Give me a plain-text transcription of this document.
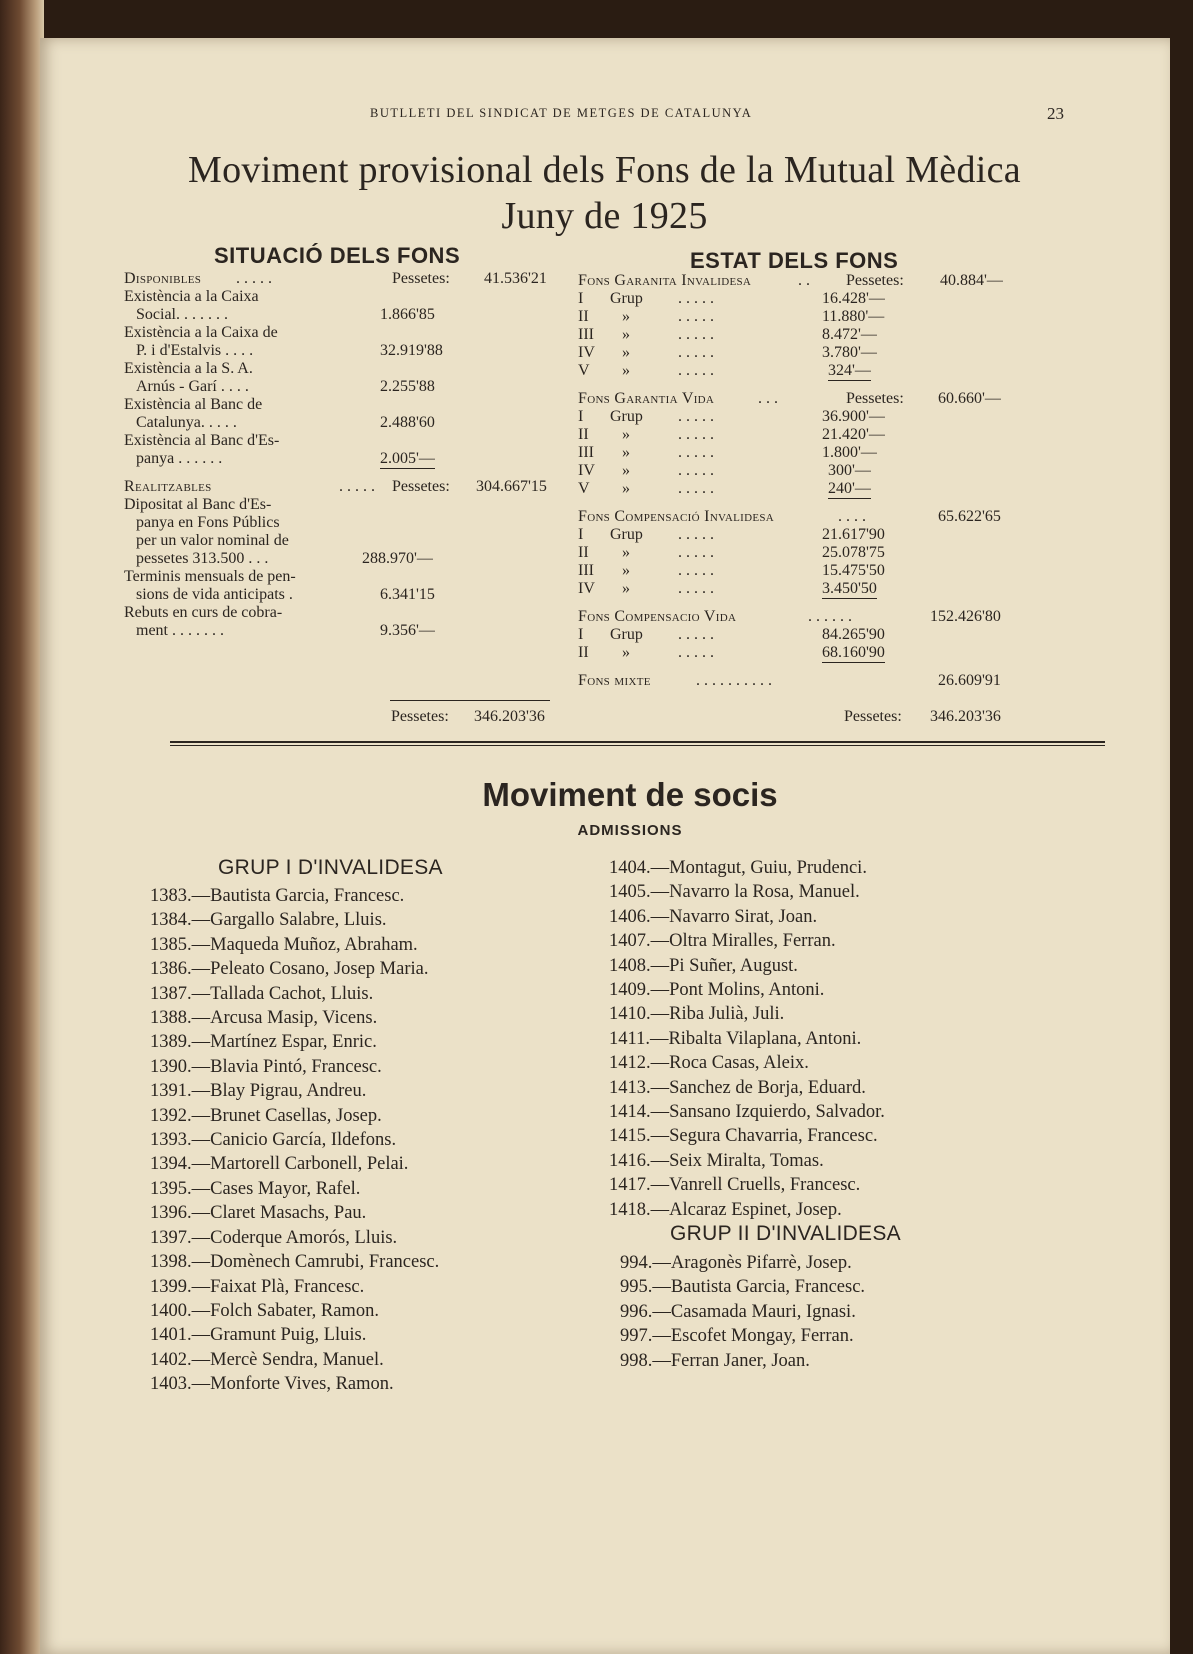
BUTLLETI DEL SINDICAT DE METGES DE CATALUNYA	23
Moviment provisional dels Fons de la Mutual Mèdica
Juny de 1925
SITUACIÓ DELS FONS
Disponibles . . . . .	Pessetes: 41.536'21
Existència a la Caixa
Social. . . . . . .	1.866'85
Existència a la Caixa de
P. i d'Estalvis . . . .	32.919'88
Existència a la S. A.
Arnús - Garí . . . .	2.255'88
Existència al Banc de
Catalunya. . . . .	2.488'60
Existència al Banc d'Es-
panya . . . . . .	2.005'—
Realitzables	. . . . . Pessetes: 304.667'15
Dipositat al Banc d'Es-
panya en Fons Públics
per un valor nominal de
pessetes 313.500 . . .	288.970'—
Terminis mensuals de pen-
sions de vida anticipats .	6.341'15
Rebuts en curs de cobra-
ment . . . . . . .	9.356'—
Pessetes: 346.203'36
ESTAT DELS FONS
Fons Garanita Invalidesa	. . Pessetes: 40.884'—
I Grup . . . . .	16.428'—
II »	. . . . .	11.880'—
III »	. . . . .	8.472'—
IV »	. . . . .	3.780'—
V »	. . . . .	324'—
Fons Garantia Vida	. . .	Pessetes: 60.660'—
I Grup . . . . .	36.900'—
II »	. . . . .	21.420'—
III »	. . . . .	1.800'—
IV »	. . . . .	300'—
V »	. . . . .	240'—
Fons Compensació Invalidesa	. . . .	65.622'65
I Grup . . . . .	21.617'90
II »	. . . . .	25.078'75
III »	. . . . .	15.475'50
IV »	. . . . .	3.450'50
Fons Compensacio Vida	. . . . . .	152.426'80
I Grup . . . . .	84.265'90
II »	. . . . .	68.160'90
Fons mixte	. . . . . . . . . .	26.609'91
Pessetes: 346.203'36
Moviment de socis
ADMISSIONS
GRUP I D'INVALIDESA
1383.—Bautista Garcia, Francesc.
1384.—Gargallo Salabre, Lluis.
1385.—Maqueda Muñoz, Abraham.
1386.—Peleato Cosano, Josep Maria.
1387.—Tallada Cachot, Lluis.
1388.—Arcusa Masip, Vicens.
1389.—Martínez Espar, Enric.
1390.—Blavia Pintó, Francesc.
1391.—Blay Pigrau, Andreu.
1392.—Brunet Casellas, Josep.
1393.—Canicio García, Ildefons.
1394.—Martorell Carbonell, Pelai.
1395.—Cases Mayor, Rafel.
1396.—Claret Masachs, Pau.
1397.—Coderque Amorós, Lluis.
1398.—Domènech Camrubi, Francesc.
1399.—Faixat Plà, Francesc.
1400.—Folch Sabater, Ramon.
1401.—Gramunt Puig, Lluis.
1402.—Mercè Sendra, Manuel.
1403.—Monforte Vives, Ramon.
1404.—Montagut, Guiu, Prudenci.
1405.—Navarro la Rosa, Manuel.
1406.—Navarro Sirat, Joan.
1407.—Oltra Miralles, Ferran.
1408.—Pi Suñer, August.
1409.—Pont Molins, Antoni.
1410.—Riba Julià, Juli.
1411.—Ribalta Vilaplana, Antoni.
1412.—Roca Casas, Aleix.
1413.—Sanchez de Borja, Eduard.
1414.—Sansano Izquierdo, Salvador.
1415.—Segura Chavarria, Francesc.
1416.—Seix Miralta, Tomas.
1417.—Vanrell Cruells, Francesc.
1418.—Alcaraz Espinet, Josep.
GRUP II D'INVALIDESA
994.—Aragonès Pifarrè, Josep.
995.—Bautista Garcia, Francesc.
996.—Casamada Mauri, Ignasi.
997.—Escofet Mongay, Ferran.
998.—Ferran Janer, Joan.
